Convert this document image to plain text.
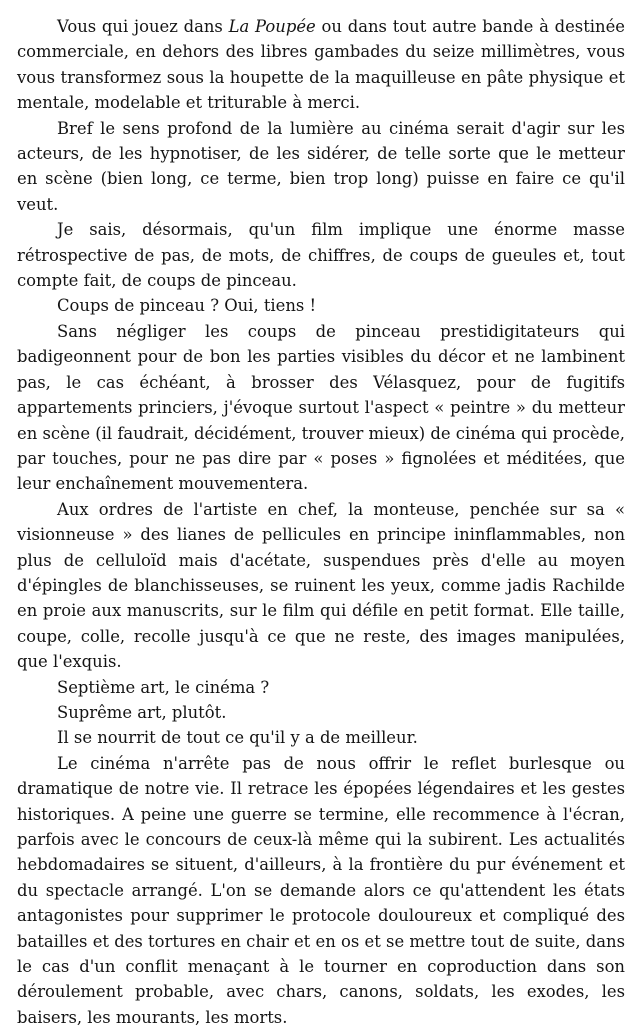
Vous qui jouez dans La Poupée ou dans tout autre bande à destinée commerciale, en dehors des libres gambades du seize millimètres, vous vous transformez sous la houpette de la maquilleuse en pâte physique et mentale, modelable et triturable à merci.

Bref le sens profond de la lumière au cinéma serait d'agir sur les acteurs, de les hypnotiser, de les sidérer, de telle sorte que le metteur en scène (bien long, ce terme, bien trop long) puisse en faire ce qu'il veut.

Je sais, désormais, qu'un film implique une énorme masse rétrospective de pas, de mots, de chiffres, de coups de gueules et, tout compte fait, de coups de pinceau.

Coups de pinceau ? Oui, tiens !

Sans négliger les coups de pinceau prestidigitateurs qui badigeonnent pour de bon les parties visibles du décor et ne lambinent pas, le cas échéant, à brosser des Vélasquez, pour de fugitifs appartements princiers, j'évoque surtout l'aspect « peintre » du metteur en scène (il faudrait, décidément, trouver mieux) de cinéma qui procède, par touches, pour ne pas dire par « poses » fignolées et méditées, que leur enchaînement mouvementera.

Aux ordres de l'artiste en chef, la monteuse, penchée sur sa « visionneuse » des lianes de pellicules en principe ininflammables, non plus de celluloïd mais d'acétate, suspendues près d'elle au moyen d'épingles de blanchisseuses, se ruinent les yeux, comme jadis Rachilde en proie aux manuscrits, sur le film qui défile en petit format. Elle taille, coupe, colle, recolle jusqu'à ce que ne reste, des images manipulées, que l'exquis.

Septième art, le cinéma ?

Suprême art, plutôt.

Il se nourrit de tout ce qu'il y a de meilleur.

Le cinéma n'arrête pas de nous offrir le reflet burlesque ou dramatique de notre vie. Il retrace les épopées légendaires et les gestes historiques. A peine une guerre se termine, elle recommence à l'écran, parfois avec le concours de ceux-là même qui la subirent. Les actualités hebdomadaires se situent, d'ailleurs, à la frontière du pur événement et du spectacle arrangé. L'on se demande alors ce qu'attendent les états antagonistes pour supprimer le protocole douloureux et compliqué des batailles et des tortures en chair et en os et se mettre tout de suite, dans le cas d'un conflit menaçant à le tourner en coproduction dans son déroulement probable, avec chars, canons, soldats, les exodes, les baisers, les mourants, les morts.
